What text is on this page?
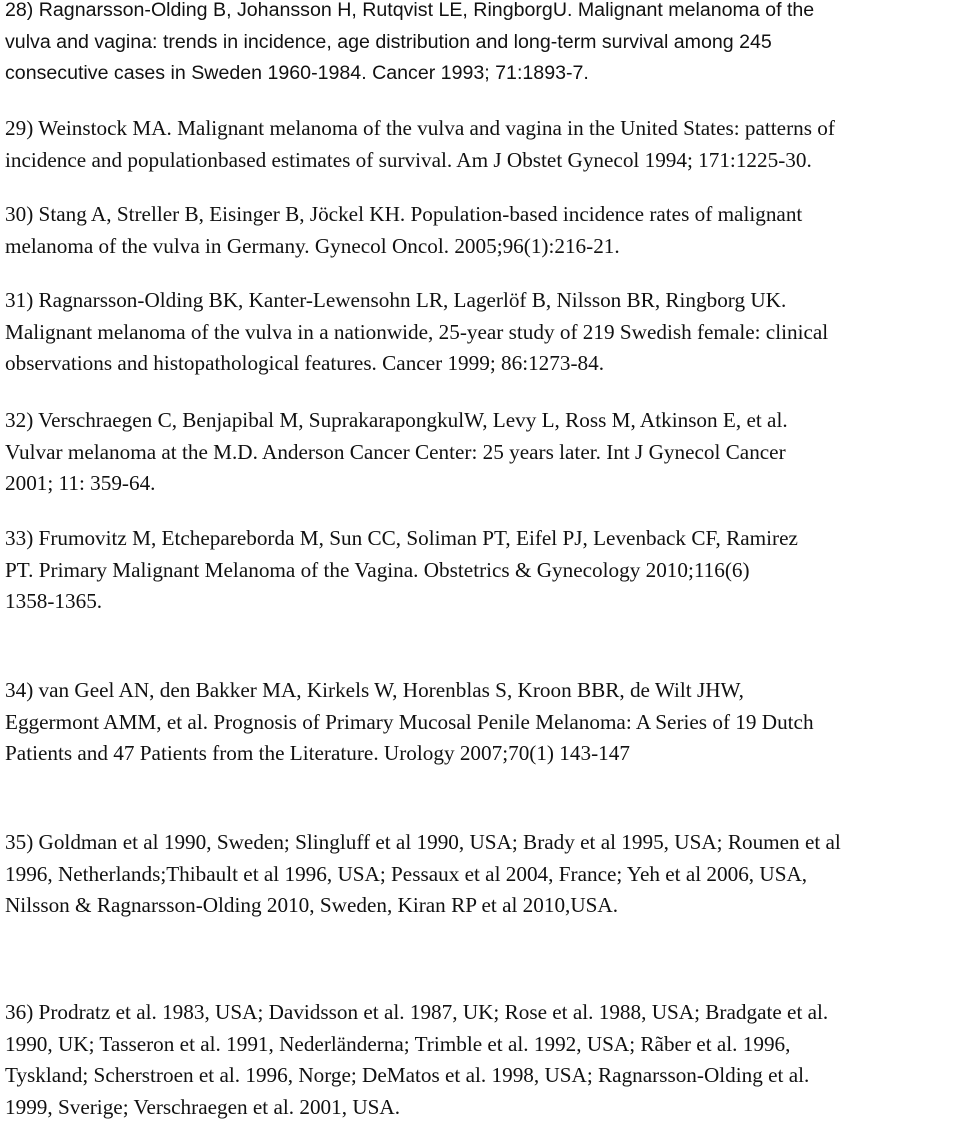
28) Ragnarsson-Olding B, Johansson H, Rutqvist LE, RingborgU. Malignant melanoma of the
vulva and vagina: trends in incidence, age distribution and long-term survival among 245
consecutive cases in Sweden 1960-1984. Cancer 1993; 71:1893-7.
29) Weinstock MA. Malignant melanoma of the vulva and vagina in the United States: patterns of
incidence and populationbased estimates of survival. Am J Obstet Gynecol 1994; 171:1225-30.
30) Stang A, Streller B, Eisinger B, Jöckel KH. Population-based incidence rates of malignant
melanoma of the vulva in Germany. Gynecol Oncol. 2005;96(1):216-21.
31) Ragnarsson-Olding BK, Kanter-Lewensohn LR, Lagerlöf B, Nilsson BR, Ringborg UK.
Malignant melanoma of the vulva in a nationwide, 25-year study of 219 Swedish female: clinical
observations and histopathological features. Cancer 1999; 86:1273-84.
32) Verschraegen C, Benjapibal M, SuprakarapongkulW, Levy L, Ross M, Atkinson E, et al.
Vulvar melanoma at the M.D. Anderson Cancer Center: 25 years later. Int J Gynecol Cancer
2001; 11: 359-64.
33) Frumovitz M, Etchepareborda M, Sun CC, Soliman PT, Eifel PJ, Levenback CF, Ramirez
PT. Primary Malignant Melanoma of the Vagina. Obstetrics & Gynecology 2010;116(6)
1358-1365.
34) van Geel AN, den Bakker MA, Kirkels W, Horenblas S, Kroon BBR, de Wilt JHW,
Eggermont AMM, et al. Prognosis of Primary Mucosal Penile Melanoma: A Series of 19 Dutch
Patients and 47 Patients from the Literature. Urology 2007;70(1) 143-147
35) Goldman et al 1990, Sweden; Slingluff et al 1990, USA; Brady et al 1995, USA; Roumen et al
1996, Netherlands;Thibault et al 1996, USA; Pessaux et al 2004, France; Yeh et al 2006, USA,
Nilsson & Ragnarsson-Olding 2010, Sweden, Kiran RP et al 2010,USA.
36) Prodratz et al. 1983, USA; Davidsson et al. 1987, UK; Rose et al. 1988, USA; Bradgate et al.
1990, UK; Tasseron et al. 1991, Nederländerna; Trimble et al. 1992, USA; Rãber et al. 1996,
Tyskland; Scherstroen et al. 1996, Norge; DeMatos et al. 1998, USA; Ragnarsson-Olding et al.
1999, Sverige; Verschraegen et al. 2001, USA.
